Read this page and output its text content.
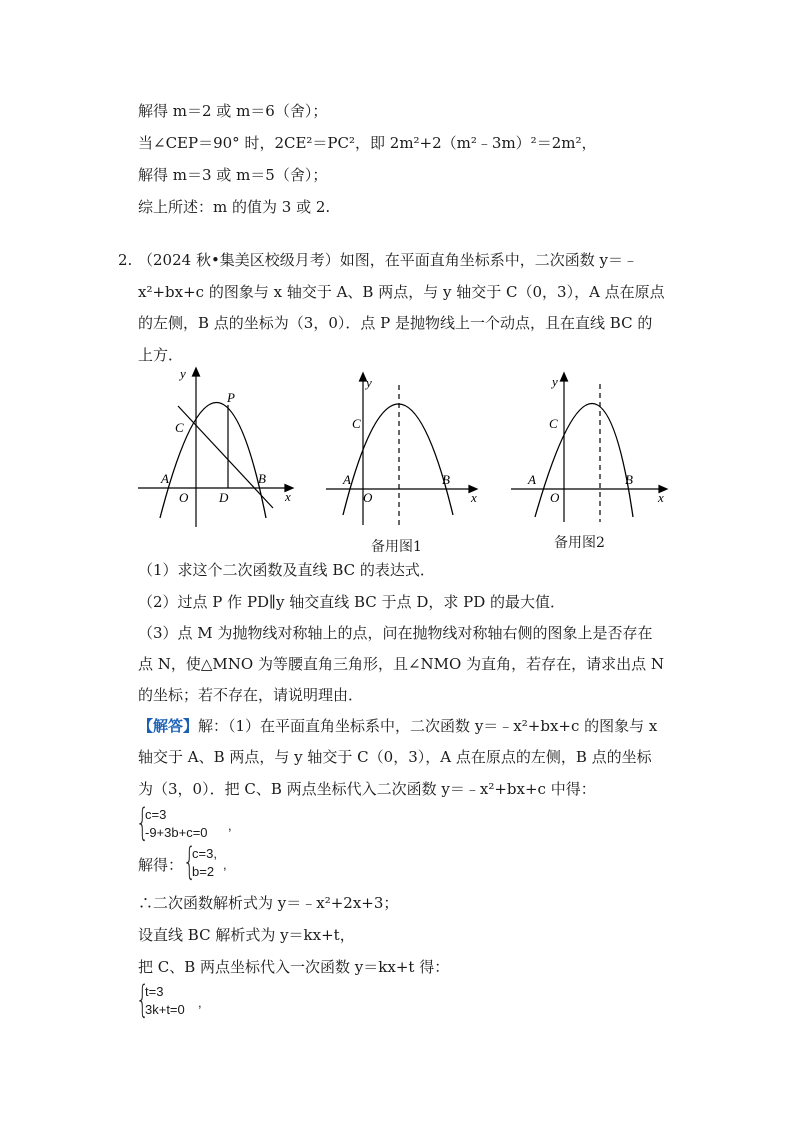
解得 m＝2 或 m＝6（舍）；
当∠CEP＝90° 时，2CE²＝PC²，即 2m²+2（m²﹣3m）²＝2m²，
解得 m＝3 或 m＝5（舍）；
综上所述：m 的值为 3 或 2.
2. （2024 秋•集美区校级月考）如图，在平面直角坐标系中，二次函数 y＝﹣
x²+bx+c 的图象与 x 轴交于 A、B 两点，与 y 轴交于 C（0，3），A 点在原点
的左侧，B 点的坐标为（3，0）．点 P 是抛物线上一个动点，且在直线 BC 的
上方．
y
x
P
C
A
O D
B
y
x
C
A
O
B
备用图1
y
x
C
A
O
B
备用图2
（1）求这个二次函数及直线 BC 的表达式．
（2）过点 P 作 PD∥y 轴交直线 BC 于点 D，求 PD 的最大值．
（3）点 M 为抛物线对称轴上的点，问在抛物线对称轴右侧的图象上是否存在
点 N，使△MNO 为等腰直角三角形，且∠NMO 为直角，若存在，请求出点 N
的坐标；若不存在，请说明理由．
【解答】解：（1）在平面直角坐标系中，二次函数 y＝﹣x²+bx+c 的图象与 x
轴交于 A、B 两点，与 y 轴交于 C（0，3），A 点在原点的左侧，B 点的坐标
为（3，0）．把 C、B 两点坐标代入二次函数 y＝﹣x²+bx+c 中得：
{
c=3
-9+3b+c=0 ,
解得： {
c=3,
b=2 ,
∴二次函数解析式为 y＝﹣x²+2x+3；
设直线 BC 解析式为 y＝kx+t，
把 C、B 两点坐标代入一次函数 y＝kx+t 得：
{
t=3
3k+t=0 ,
